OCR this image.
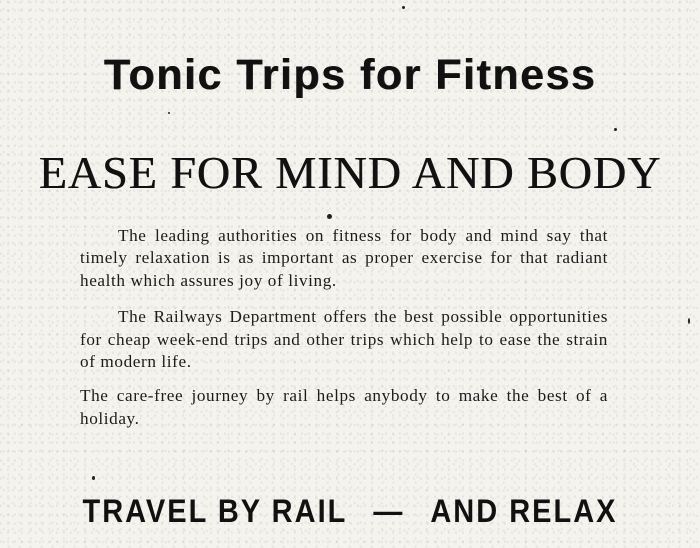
Tonic Trips for Fitness
EASE FOR MIND AND BODY

The leading authorities on fitness for body and mind say that timely relaxation is as important as proper exercise for that radiant health which assures joy of living.

The Railways Department offers the best possible opportunities for cheap week-end trips and other trips which help to ease the strain of modern life.

The care-free journey by rail helps anybody to make the best of a holiday.

TRAVEL BY RAIL — AND RELAX
